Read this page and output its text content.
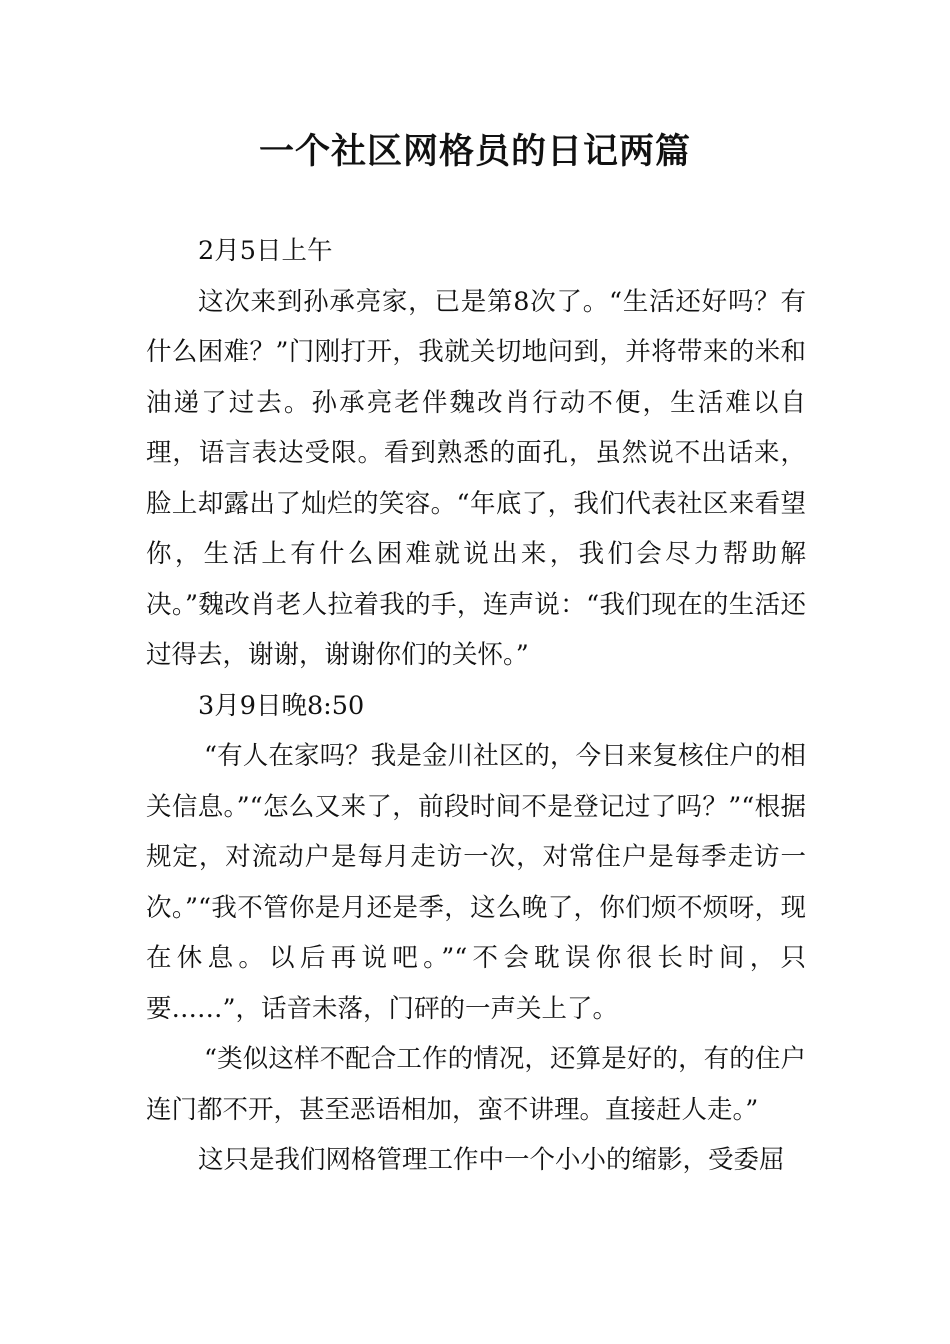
一个社区网格员的日记两篇

2月5日上午

这次来到孙承亮家，已是第8次了。“生活还好吗？有什么困难？”门刚打开，我就关切地问到，并将带来的米和油递了过去。孙承亮老伴魏改肖行动不便，生活难以自理，语言表达受限。看到熟悉的面孔，虽然说不出话来，脸上却露出了灿烂的笑容。“年底了，我们代表社区来看望你，生活上有什么困难就说出来，我们会尽力帮助解决。”魏改肖老人拉着我的手，连声说：“我们现在的生活还过得去，谢谢，谢谢你们的关怀。”

3月9日晚8:50

“有人在家吗？我是金川社区的，今日来复核住户的相关信息。”“怎么又来了，前段时间不是登记过了吗？”“根据规定，对流动户是每月走访一次，对常住户是每季走访一次。”“我不管你是月还是季，这么晚了，你们烦不烦呀，现在休息。以后再说吧。”“不会耽误你很长时间，只要……”，话音未落，门砰的一声关上了。

“类似这样不配合工作的情况，还算是好的，有的住户连门都不开，甚至恶语相加，蛮不讲理。直接赶人走。”

这只是我们网格管理工作中一个小小的缩影，受委屈
